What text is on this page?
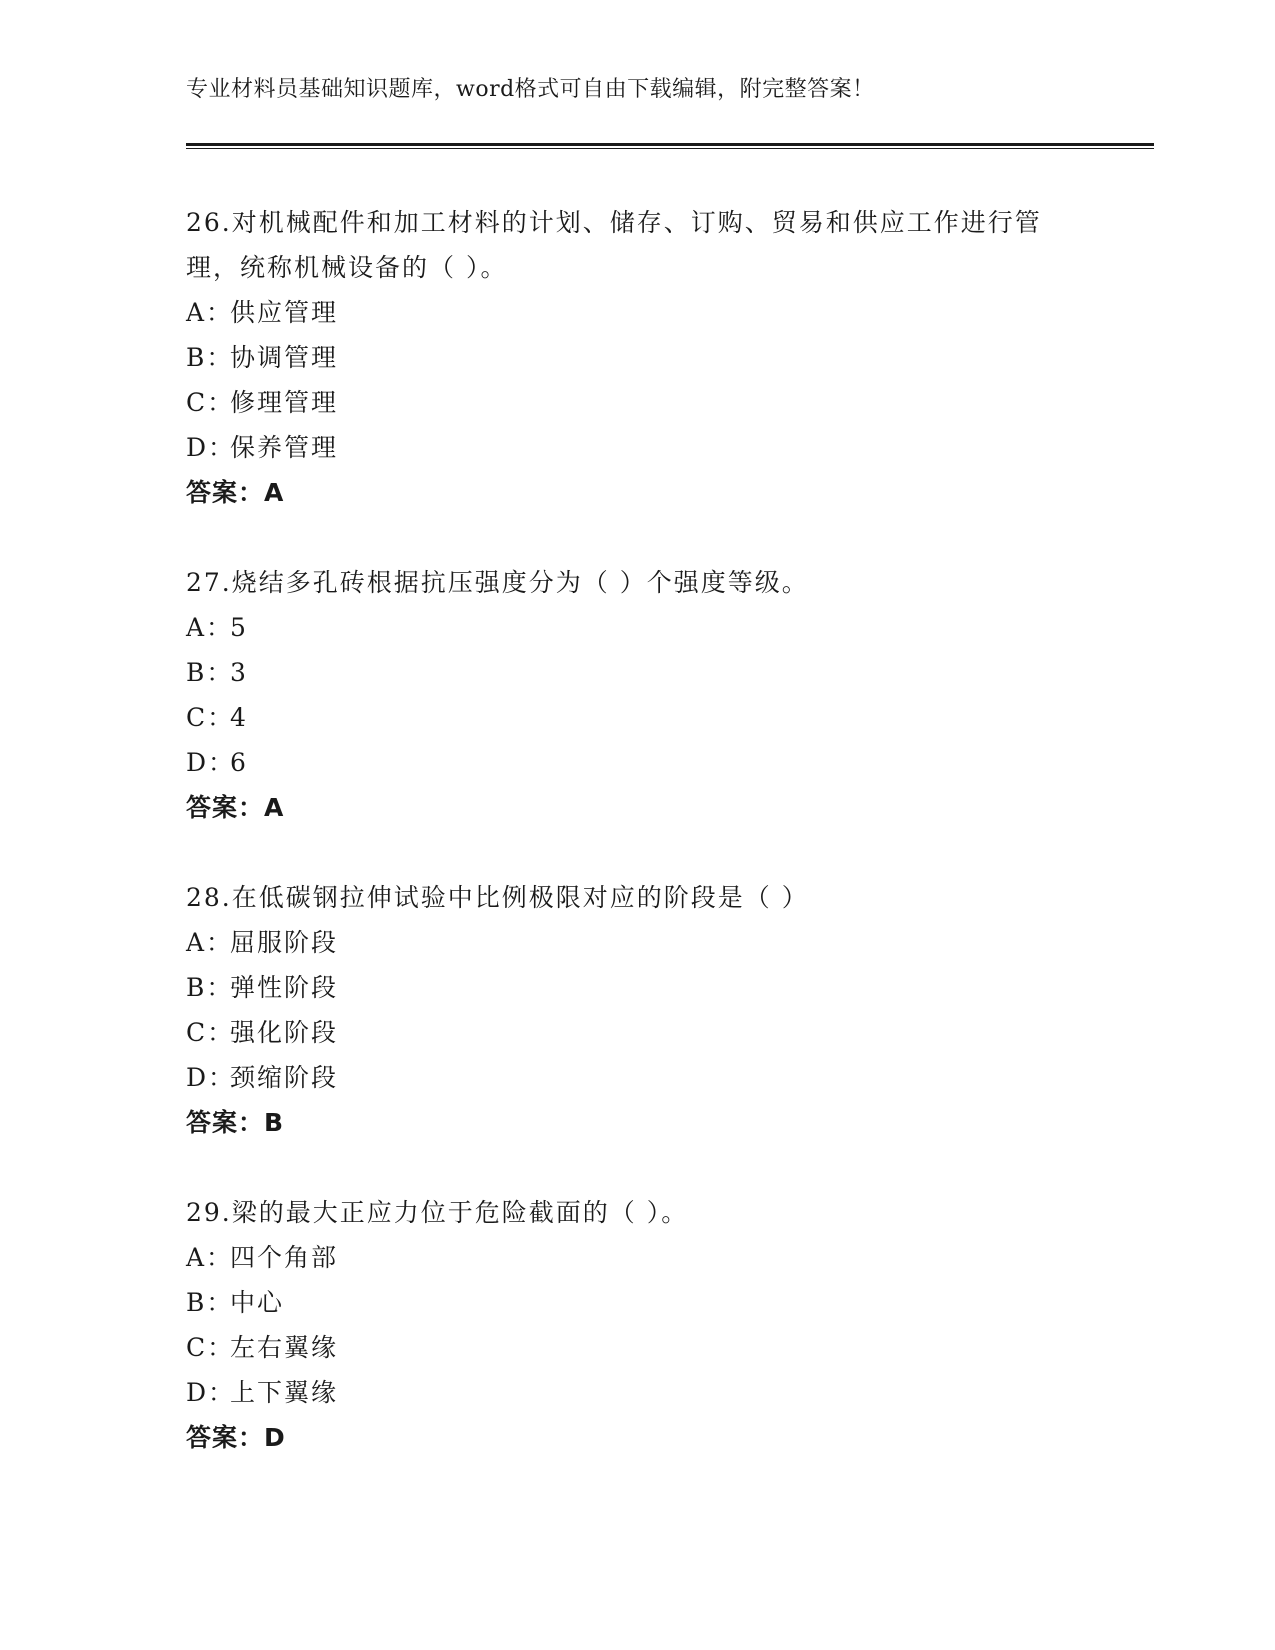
专业材料员基础知识题库，word格式可自由下载编辑，附完整答案！

26.对机械配件和加工材料的计划、储存、订购、贸易和供应工作进行管理，统称机械设备的（ ）。

A：供应管理
B：协调管理
C：修理管理
D：保养管理
答案：A

27.烧结多孔砖根据抗压强度分为（ ）个强度等级。

A：5
B：3
C：4
D：6
答案：A

28.在低碳钢拉伸试验中比例极限对应的阶段是（ ）

A：屈服阶段
B：弹性阶段
C：强化阶段
D：颈缩阶段
答案：B

29.梁的最大正应力位于危险截面的（ ）。

A：四个角部
B：中心
C：左右翼缘
D：上下翼缘
答案：D
